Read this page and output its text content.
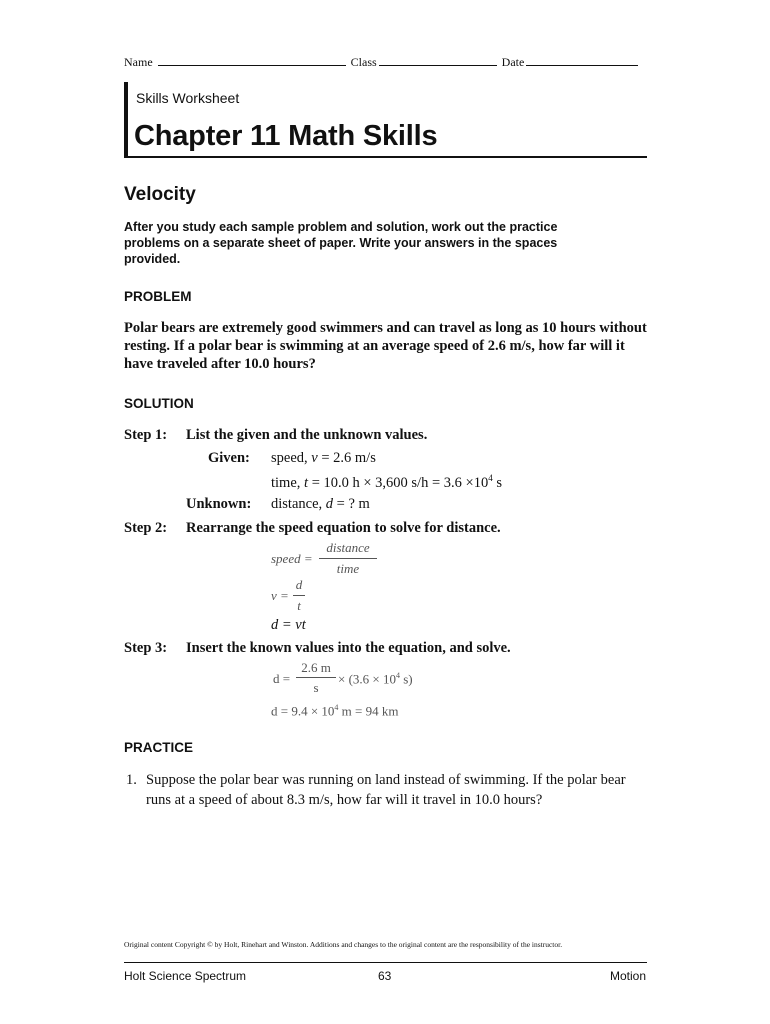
Name	Class	Date
Skills Worksheet
Chapter 11 Math Skills
Velocity
After you study each sample problem and solution, work out the practice problems on a separate sheet of paper. Write your answers in the spaces provided.
PROBLEM
Polar bears are extremely good swimmers and can travel as long as 10 hours without resting. If a polar bear is swimming at an average speed of 2.6 m/s, how far will it have traveled after 10.0 hours?
SOLUTION
Step 1: List the given and the unknown values.
Given: speed, v = 2.6 m/s
time, t = 10.0 h × 3,600 $s/h = 3.6 \times 10^4$ s
Unknown: distance, d = ? m
Step 2: Rearrange the speed equation to solve for distance.
speed =
distance
time
v =
d
t
d = vt
Step 3: Insert the known values into the equation, and solve.
d =
2.6 m
s
× ($3.6 \times 10^4$ s)
$d = 9.4 \times 10^4$ m = 94 km
PRACTICE
1. Suppose the polar bear was running on land instead of swimming. If the polar bear runs at a speed of about 8.3 m/s, how far will it travel in 10.0 hours?
Original content Copyright © by Holt, Rinehart and Winston. Additions and changes to the original content are the responsibility of the instructor.
Holt Science Spectrum	63	Motion
